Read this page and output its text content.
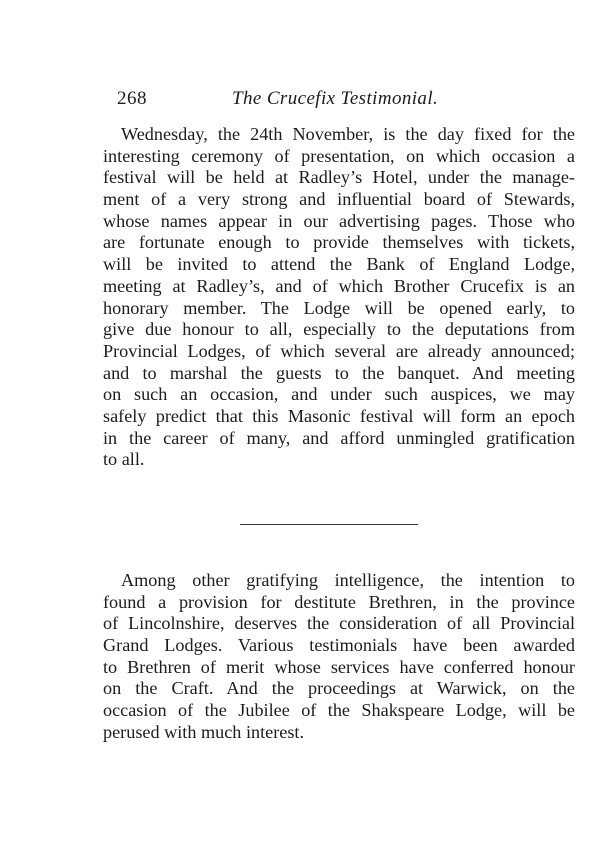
268	The Crucefix Testimonial.
Wednesday, the 24th November, is the day fixed for the
interesting ceremony of presentation, on which occasion a
festival will be held at Radley’s Hotel, under the manage-
ment of a very strong and influential board of Stewards,
whose names appear in our advertising pages. Those who
are fortunate enough to provide themselves with tickets,
will be invited to attend the Bank of England Lodge,
meeting at Radley’s, and of which Brother Crucefix is an
honorary member. The Lodge will be opened early, to
give due honour to all, especially to the deputations from
Provincial Lodges, of which several are already announced;
and to marshal the guests to the banquet. And meeting
on such an occasion, and under such auspices, we may
safely predict that this Masonic festival will form an epoch
in the career of many, and afford unmingled gratification
to all.
Among other gratifying intelligence, the intention to
found a provision for destitute Brethren, in the province
of Lincolnshire, deserves the consideration of all Provincial
Grand Lodges. Various testimonials have been awarded
to Brethren of merit whose services have conferred honour
on the Craft. And the proceedings at Warwick, on the
occasion of the Jubilee of the Shakspeare Lodge, will be
perused with much interest.
